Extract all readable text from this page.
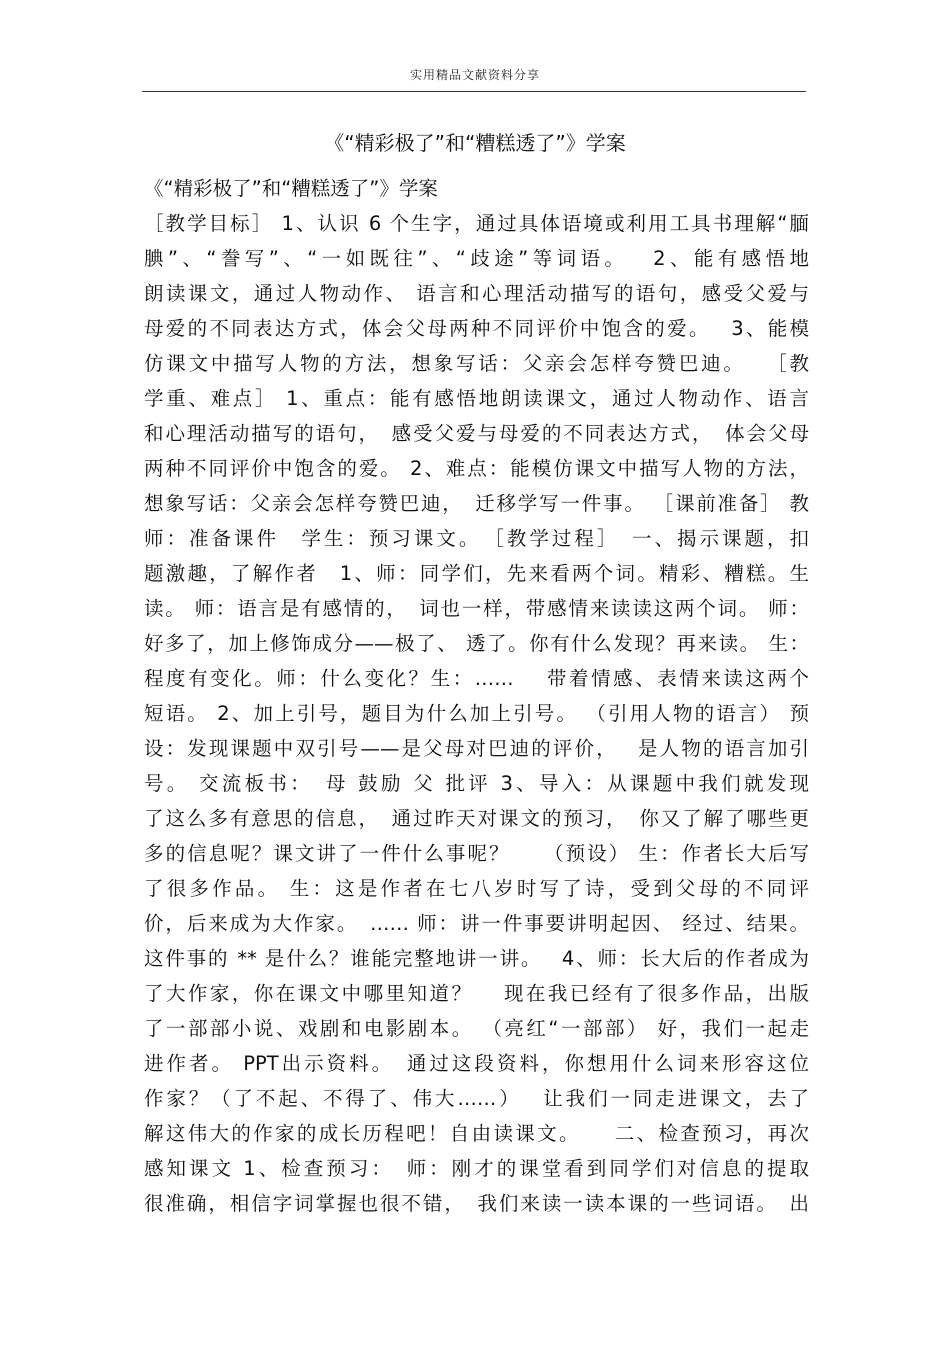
实用精品文献资料分享
《“精彩极了”和“糟糕透了”》学案
《“精彩极了”和“糟糕透了”》学案
［教学目标］ 1、认识 6 个生字，通过具体语境或利用工具书理解“腼
腆”、“誊写”、“一如既往”、“歧途”等词语。　 2、能有感悟地
朗读课文，通过人物动作、 语言和心理活动描写的语句，感受父爱与
母爱的不同表达方式，体会父母两种不同评价中饱含的爱。　 3、能模
仿课文中描写人物的方法，想象写话：父亲会怎样夸赞巴迪。　 ［教
学重、难点］ 1、重点：能有感悟地朗读课文，通过人物动作、语言
和心理活动描写的语句，　感受父爱与母爱的不同表达方式，　体会父母
两种不同评价中饱含的爱。 2、难点：能模仿课文中描写人物的方法，
想象写话：父亲会怎样夸赞巴迪，　迁移学写一件事。 ［课前准备］ 教
师：准备课件　学生：预习课文。　［教学过程］　一、揭示课题，扣
题激趣，了解作者　1、师：同学们，先来看两个词。精彩、糟糕。生
读。 师：语言是有感情的，　词也一样，带感情来读读这两个词。 师：
好多了，加上修饰成分——极了、 透了。你有什么发现？再来读。 生：
程度有变化。师：什么变化？生：……　 带着情感、表情来读这两个
短语。 2、加上引号，题目为什么加上引号。 （引用人物的语言） 预
设：发现课题中双引号——是父母对巴迪的评价，　 是人物的语言加引
号。 交流板书：　母 鼓励 父 批评 3、导入：从课题中我们就发现
了这么多有意思的信息，　通过昨天对课文的预习，　你又了解了哪些更
多的信息呢？课文讲了一件什么事呢？　　（预设） 生：作者长大后写
了很多作品。 生：这是作者在七八岁时写了诗，受到父母的不同评
价，后来成为大作家。　…… 师：讲一件事要讲明起因、 经过、结果。
这件事的 ** 是什么？谁能完整地讲一讲。　 4、师：长大后的作者成为
了大作家，你在课文中哪里知道？　 现在我已经有了很多作品，出版
了一部部小说、戏剧和电影剧本。 （亮红“一部部） 好，我们一起走
进作者。 PPT出示资料。　通过这段资料，你想用什么词来形容这位
作家？（了不起、不得了、伟大……）　 让我们一同走进课文，去了
解这伟大的作家的成长历程吧！自由读课文。　　二、检查预习，再次
感知课文 1、检查预习：　师：刚才的课堂看到同学们对信息的提取
很准确，相信字词掌握也很不错，　我们来读一读本课的一些词语。　出
